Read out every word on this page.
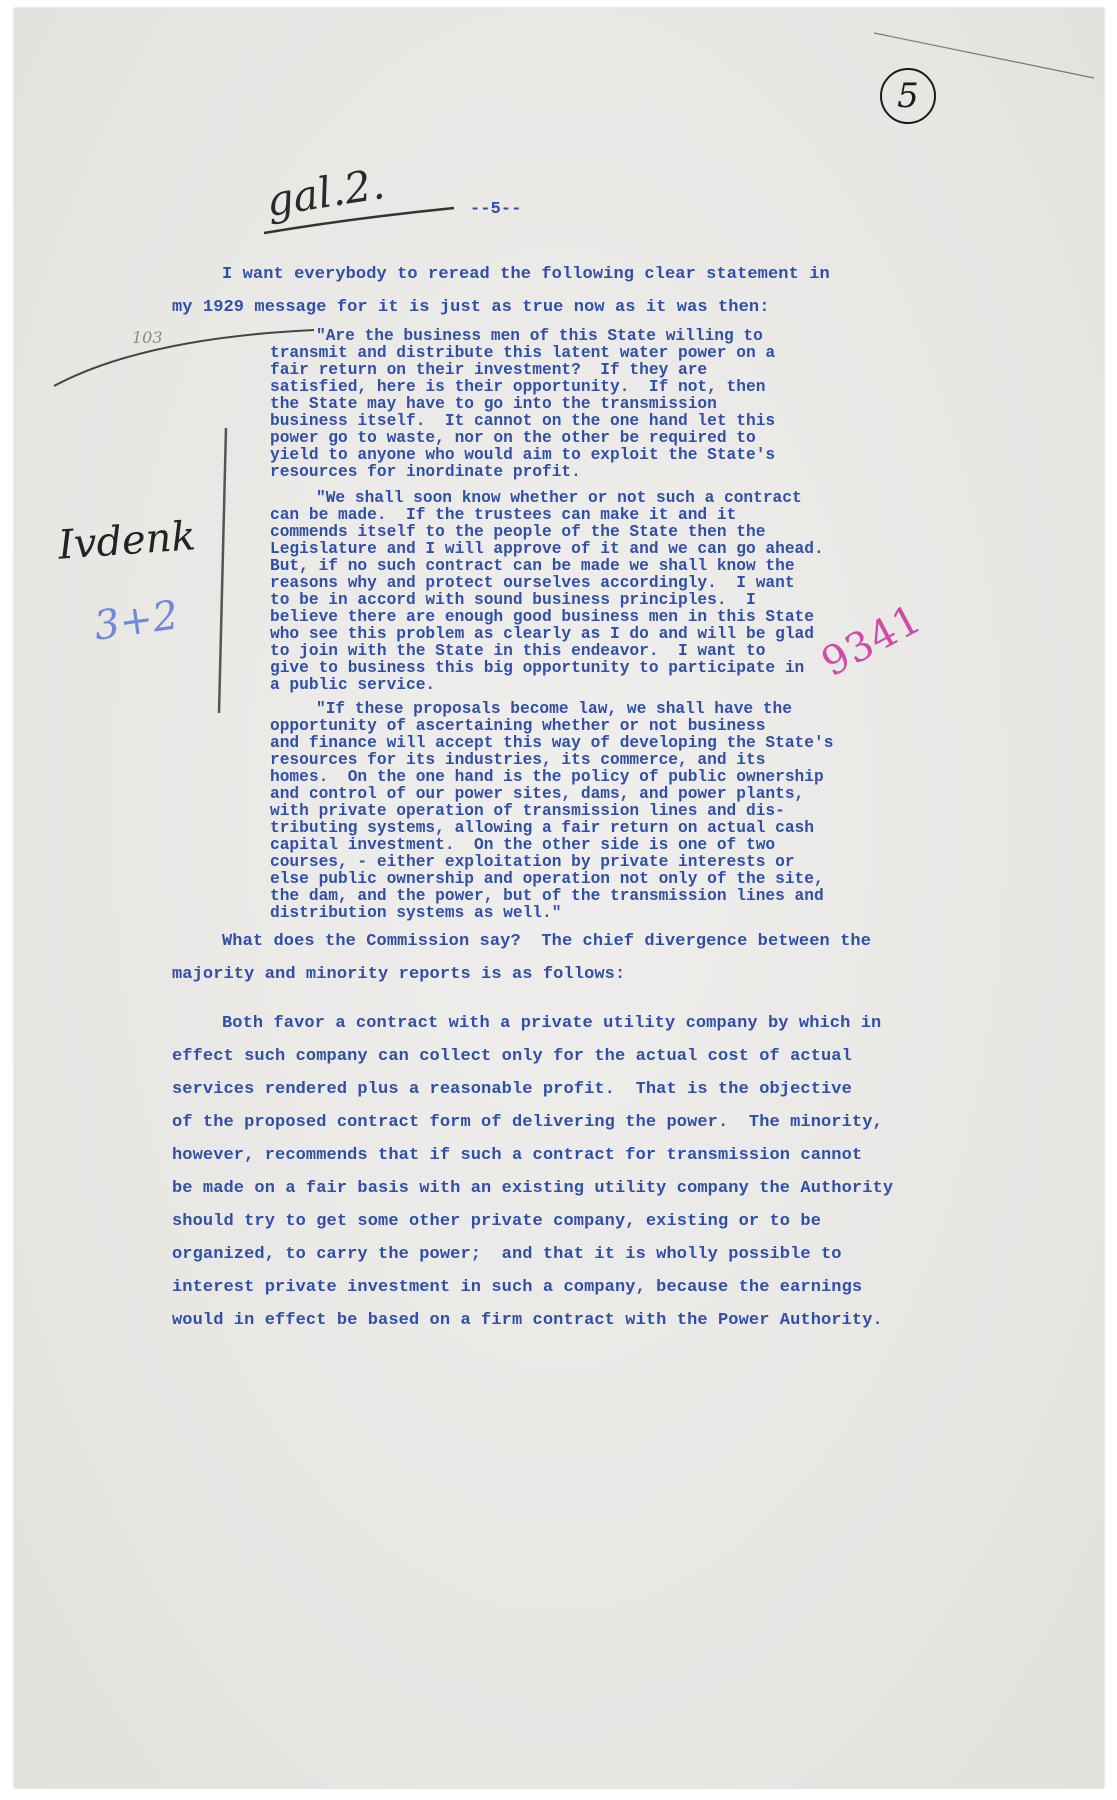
5
gal.2.	--5--

I want everybody to reread the following clear statement in

my 1929 message for it is just as true now as it was then:

"Are the business men of this State willing to

transmit and distribute this latent water power on a

fair return on their investment?  If they are

satisfied, here is their opportunity.  If not, then

the State may have to go into the transmission

business itself.  It cannot on the one hand let this

power go to waste, nor on the other be required to

yield to anyone who would aim to exploit the State's

resources for inordinate profit.

"We shall soon know whether or not such a contract

can be made.  If the trustees can make it and it

commends itself to the people of the State then the

Legislature and I will approve of it and we can go ahead.

But, if no such contract can be made we shall know the

reasons why and protect ourselves accordingly.  I want

to be in accord with sound business principles.  I

believe there are enough good business men in this State

who see this problem as clearly as I do and will be glad

to join with the State in this endeavor.  I want to

give to business this big opportunity to participate in

a public service.

"If these proposals become law, we shall have the

opportunity of ascertaining whether or not business

and finance will accept this way of developing the State's

resources for its industries, its commerce, and its

homes.  On the one hand is the policy of public ownership

and control of our power sites, dams, and power plants,

with private operation of transmission lines and dis-

tributing systems, allowing a fair return on actual cash

capital investment.  On the other side is one of two

courses, - either exploitation by private interests or

else public ownership and operation not only of the site,

the dam, and the power, but of the transmission lines and

distribution systems as well."

What does the Commission say?  The chief divergence between the

majority and minority reports is as follows:

Both favor a contract with a private utility company by which in

effect such company can collect only for the actual cost of actual

services rendered plus a reasonable profit.  That is the objective

of the proposed contract form of delivering the power.  The minority,

however, recommends that if such a contract for transmission cannot

be made on a fair basis with an existing utility company the Authority

should try to get some other private company, existing or to be

organized, to carry the power;  and that it is wholly possible to

interest private investment in such a company, because the earnings

would in effect be based on a firm contract with the Power Authority.

103
Ivdenk
3+2	9341
